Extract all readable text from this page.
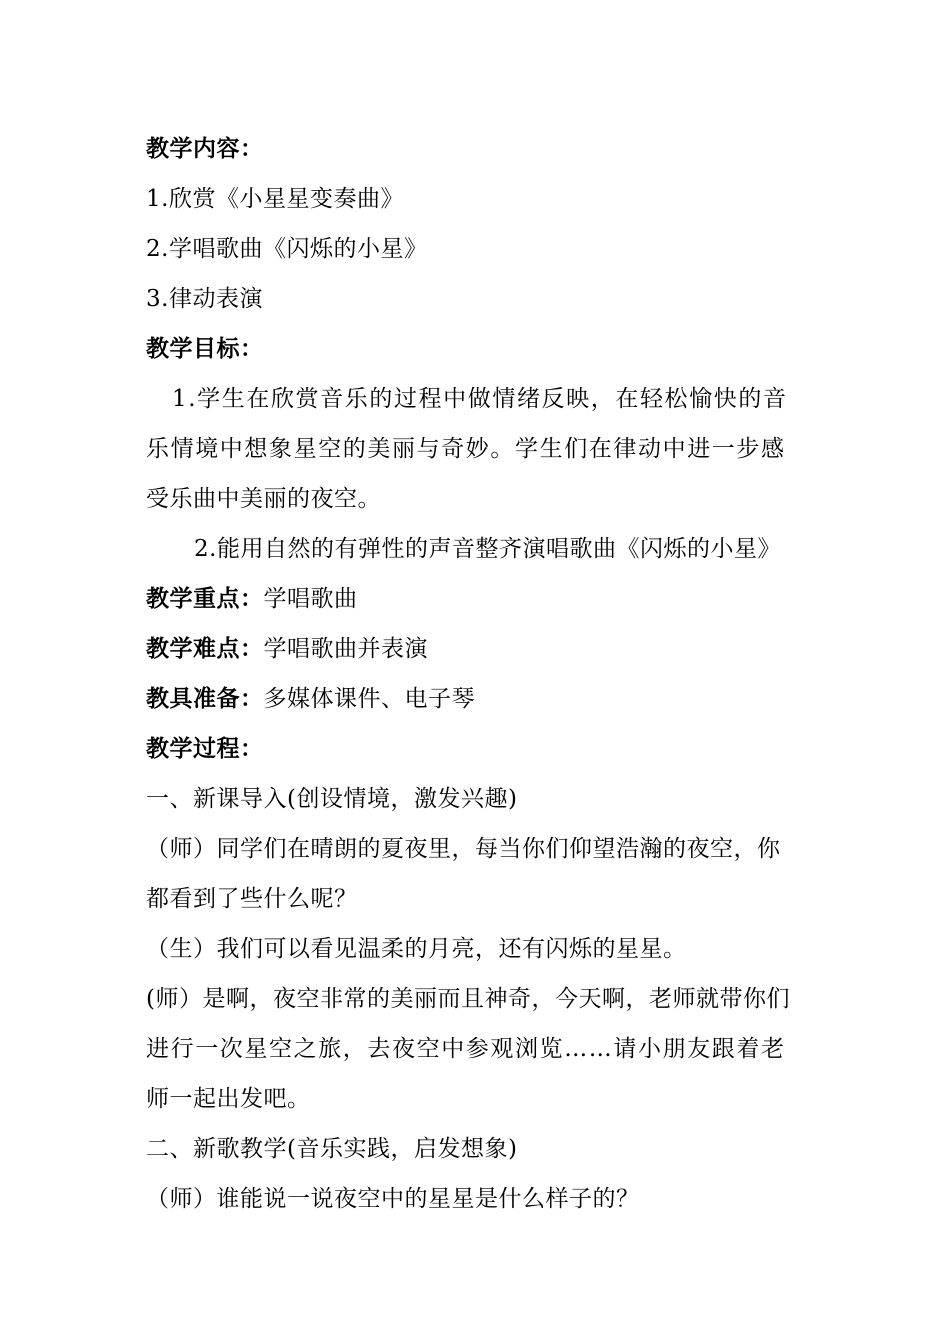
教学内容：
1.欣赏《小星星变奏曲》
2.学唱歌曲《闪烁的小星》
3.律动表演
教学目标：
1.学生在欣赏音乐的过程中做情绪反映，在轻松愉快的音
乐情境中想象星空的美丽与奇妙。学生们在律动中进一步感
受乐曲中美丽的夜空。
2.能用自然的有弹性的声音整齐演唱歌曲《闪烁的小星》
教学重点：学唱歌曲
教学难点：学唱歌曲并表演
教具准备：多媒体课件、电子琴
教学过程：
一、新课导入(创设情境，激发兴趣)
（师）同学们在晴朗的夏夜里，每当你们仰望浩瀚的夜空，你
都看到了些什么呢？
（生）我们可以看见温柔的月亮，还有闪烁的星星。
(师）是啊，夜空非常的美丽而且神奇，今天啊，老师就带你们
进行一次星空之旅，去夜空中参观浏览……请小朋友跟着老
师一起出发吧。
二、新歌教学(音乐实践，启发想象)
（师）谁能说一说夜空中的星星是什么样子的？
